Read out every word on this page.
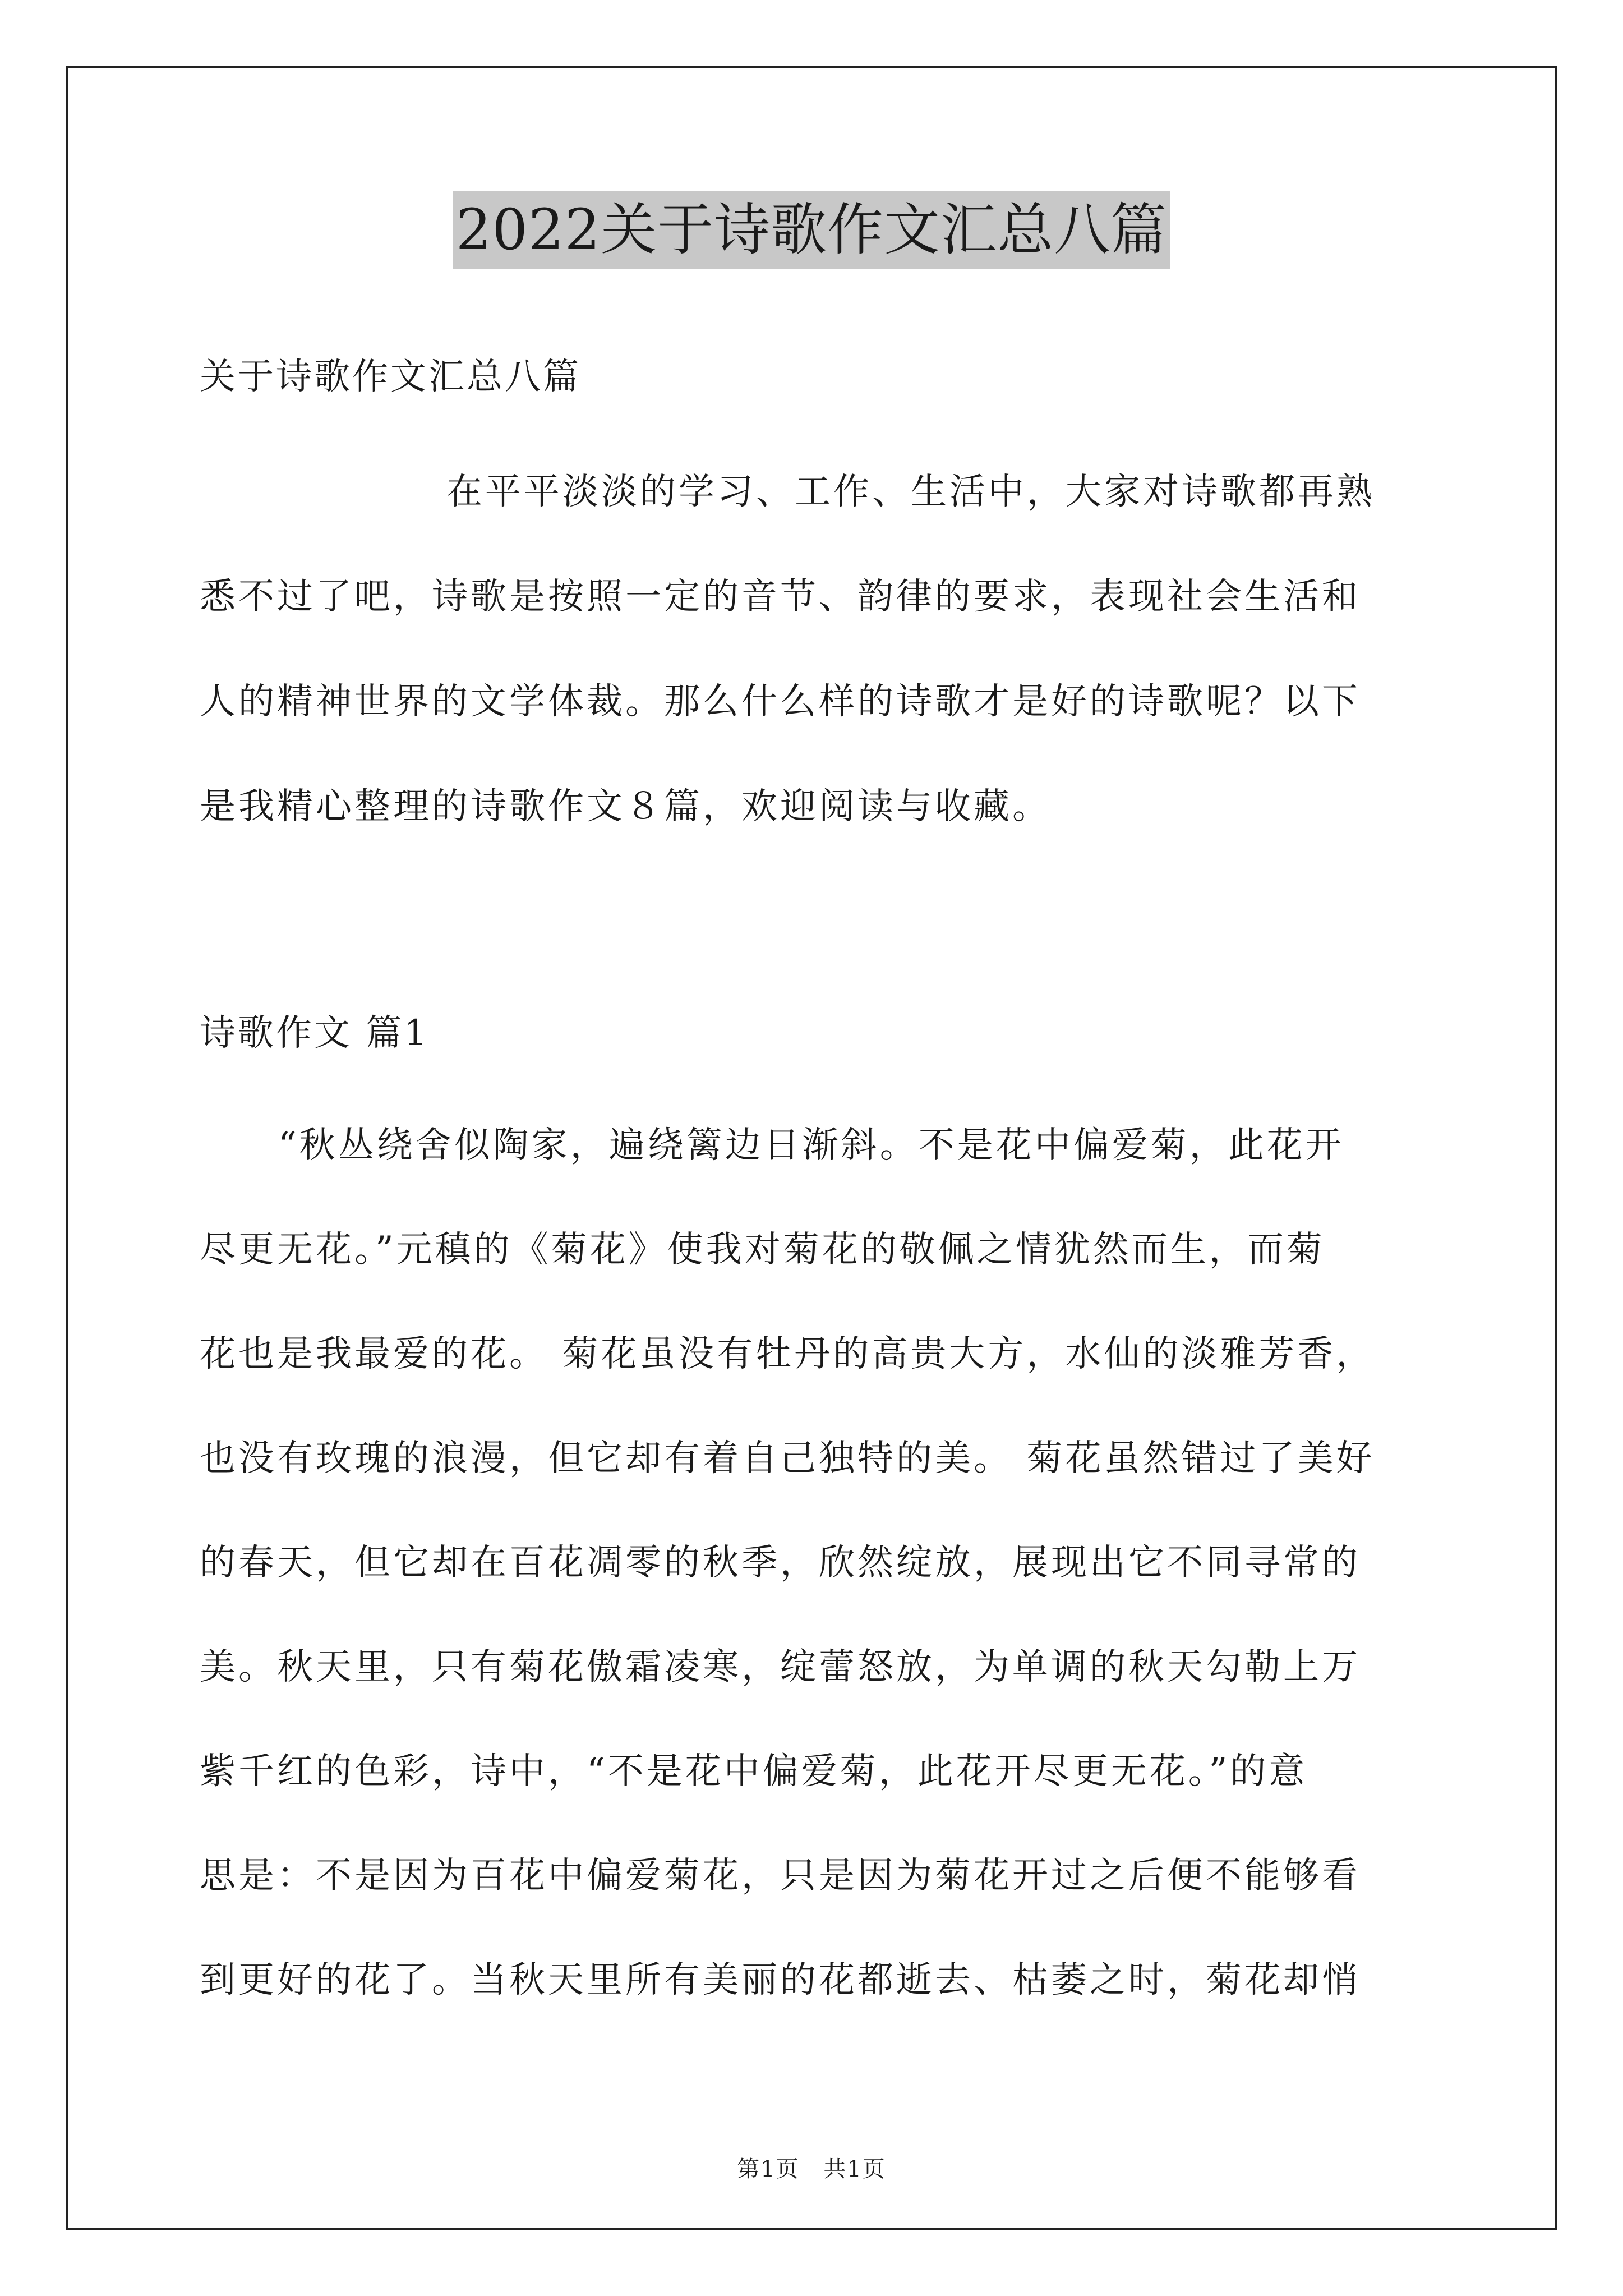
2022关于诗歌作文汇总八篇
关于诗歌作文汇总八篇
在平平淡淡的学习、工作、生活中，大家对诗歌都再熟
悉不过了吧，诗歌是按照一定的音节、韵律的要求，表现社会生活和
人的精神世界的文学体裁。那么什么样的诗歌才是好的诗歌呢？以下
是我精心整理的诗歌作文８篇，欢迎阅读与收藏。
诗歌作文 篇1
“秋丛绕舍似陶家，遍绕篱边日渐斜。不是花中偏爱菊，此花开
尽更无花。”元稹的《菊花》使我对菊花的敬佩之情犹然而生，而菊
花也是我最爱的花。 菊花虽没有牡丹的高贵大方，水仙的淡雅芳香，
也没有玫瑰的浪漫，但它却有着自己独特的美。 菊花虽然错过了美好
的春天，但它却在百花凋零的秋季，欣然绽放，展现出它不同寻常的
美。秋天里，只有菊花傲霜凌寒，绽蕾怒放，为单调的秋天勾勒上万
紫千红的色彩，诗中，“不是花中偏爱菊，此花开尽更无花。”的意
思是：不是因为百花中偏爱菊花，只是因为菊花开过之后便不能够看
到更好的花了。当秋天里所有美丽的花都逝去、枯萎之时，菊花却悄
第1页 共1页
